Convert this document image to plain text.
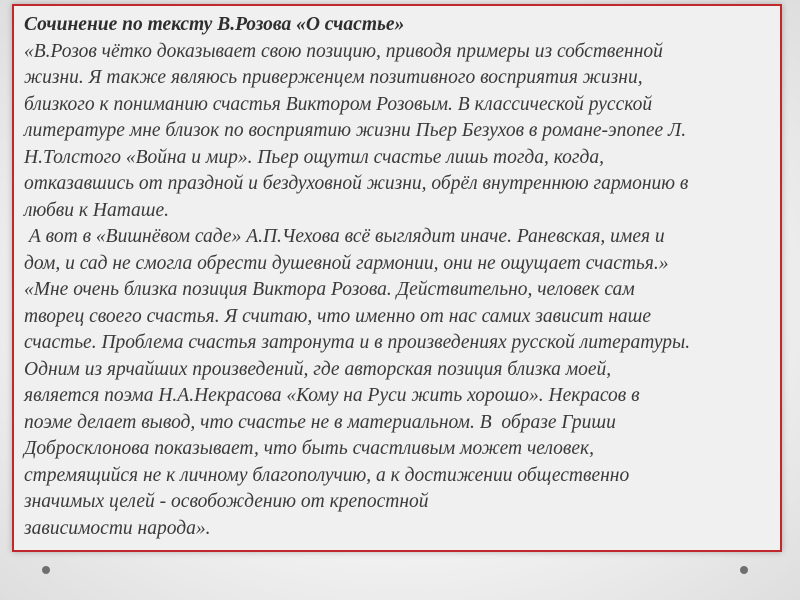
Сочинение по тексту В.Розова «О счастье»
«В.Розов чётко доказывает свою позицию, приводя примеры из собственной
жизни. Я также являюсь приверженцем позитивного восприятия жизни,
близкого к пониманию счастья Виктором Розовым. В классической русской
литературе мне близок по восприятию жизни Пьер Безухов в романе-эпопее Л.
Н.Толстого «Война и мир». Пьер ощутил счастье лишь тогда, когда,
отказавшись от праздной и бездуховной жизни, обрёл внутреннюю гармонию в
любви к Наташе.
А вот в «Вишнёвом саде» А.П.Чехова всё выглядит иначе. Раневская, имея и
дом, и сад не смогла обрести душевной гармонии, они не ощущает счастья.»
«Мне очень близка позиция Виктора Розова. Действительно, человек сам
творец своего счастья. Я считаю, что именно от нас самих зависит наше
счастье. Проблема счастья затронута и в произведениях русской литературы.
Одним из ярчайших произведений, где авторская позиция близка моей,
является поэма Н.А.Некрасова «Кому на Руси жить хорошо». Некрасов в
поэме делает вывод, что счастье не в материальном. В  образе Гриши
Добросклонова показывает, что быть счастливым может человек,
стремящийся не к личному благополучию, а к достижении общественно
значимых целей - освобождению от крепостной
зависимости народа».
